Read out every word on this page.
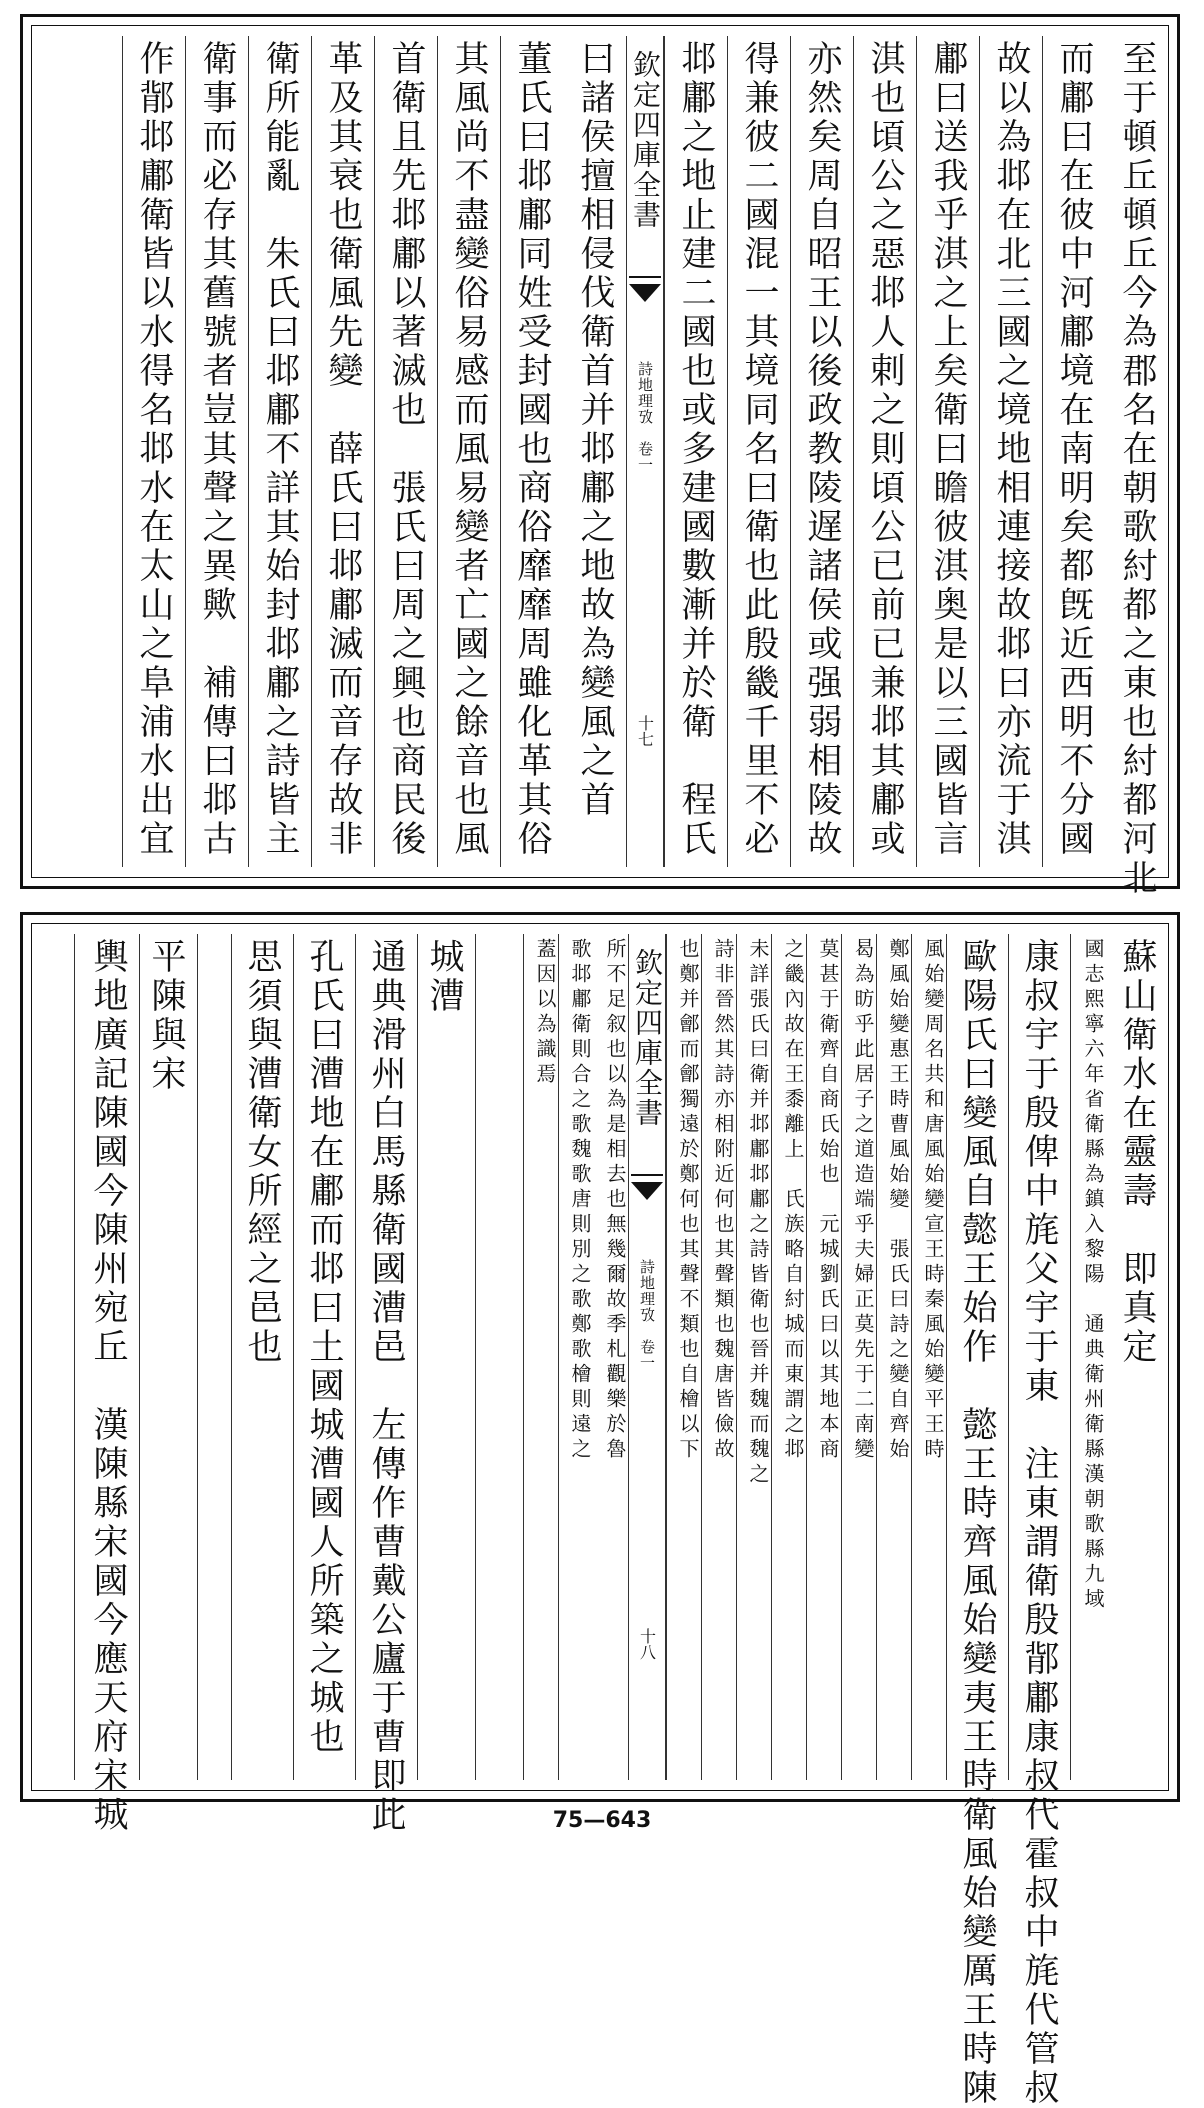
至于頓丘頓丘今為郡名在朝歌紂都之東也紂都河北
而鄘曰在彼中河鄘境在南明矣都旣近西明不分國
故以為邶在北三國之境地相連接故邶曰亦流于淇
鄘曰送我乎淇之上矣衛曰瞻彼淇奥是以三國皆言
淇也頃公之惡邶人剌之則頃公已前已兼邶其鄘或
亦然矣周自昭王以後政教陵遅諸侯或强弱相陵故
得兼彼二國混一其境同名曰衛也此殷畿千里不必
邶鄘之地止建二國也或多建國數漸并於衛　程氏
欽定四庫全書
詩地理攷　卷一
十七
曰諸侯擅相侵伐衛首并邶鄘之地故為變風之首
董氏曰邶鄘同姓受封國也商俗靡靡周雖化革其俗
其風尚不盡變俗易感而風易變者亡國之餘音也風
首衛且先邶鄘以著滅也　張氏曰周之興也商民後
革及其衰也衛風先變　薛氏曰邶鄘滅而音存故非
衛所能亂　朱氏曰邶鄘不詳其始封邶鄘之詩皆主
衛事而必存其舊號者豈其聲之異歟　補傳曰邶古
作鄁邶鄘衛皆以水得名邶水在太山之阜浦水出宜
蘇山衛水在靈壽　即真定
國志熙寧六年省衛縣為鎮入黎陽　通典衛州衛縣漢朝歌縣九域
康叔宇于殷俾中旄父宇于東　注東謂衛殷鄁鄘康叔代霍叔中旄代管叔
歐陽氏曰變風自懿王始作　懿王時齊風始變夷王時衛風始變厲王時陳
風始變周名共和唐風始變宣王時秦風始變平王時
鄭風始變惠王時曹風始變　張氏曰詩之變自齊始
曷為昉乎此居子之道造端乎夫婦正莫先于二南變
莫甚于衛齊自商氏始也　元城劉氏曰以其地本商
之畿內故在王黍離上　氏族略自紂城而東謂之邶
未詳張氏曰衛并邶鄘邶鄘之詩皆衛也晉并魏而魏之
詩非晉然其詩亦相附近何也其聲類也魏唐皆儉故
也鄭并鄶而鄶獨遠於鄭何也其聲不類也自檜以下
欽定四庫全書
詩地理攷　卷一
十八
所不足叙也以為是相去也無幾爾故季札觀樂於魯
歌邶鄘衛則合之歌魏歌唐則別之歌鄭歌檜則遠之
蓋因以為識焉
城漕
通典滑州白馬縣衛國漕邑　左傳作曹戴公廬于曹即此
孔氏曰漕地在鄘而邶曰土國城漕國人所築之城也
思須與漕衛女所經之邑也
平陳與宋
輿地廣記陳國今陳州宛丘　漢陳縣宋國今應天府宋城	75—643
